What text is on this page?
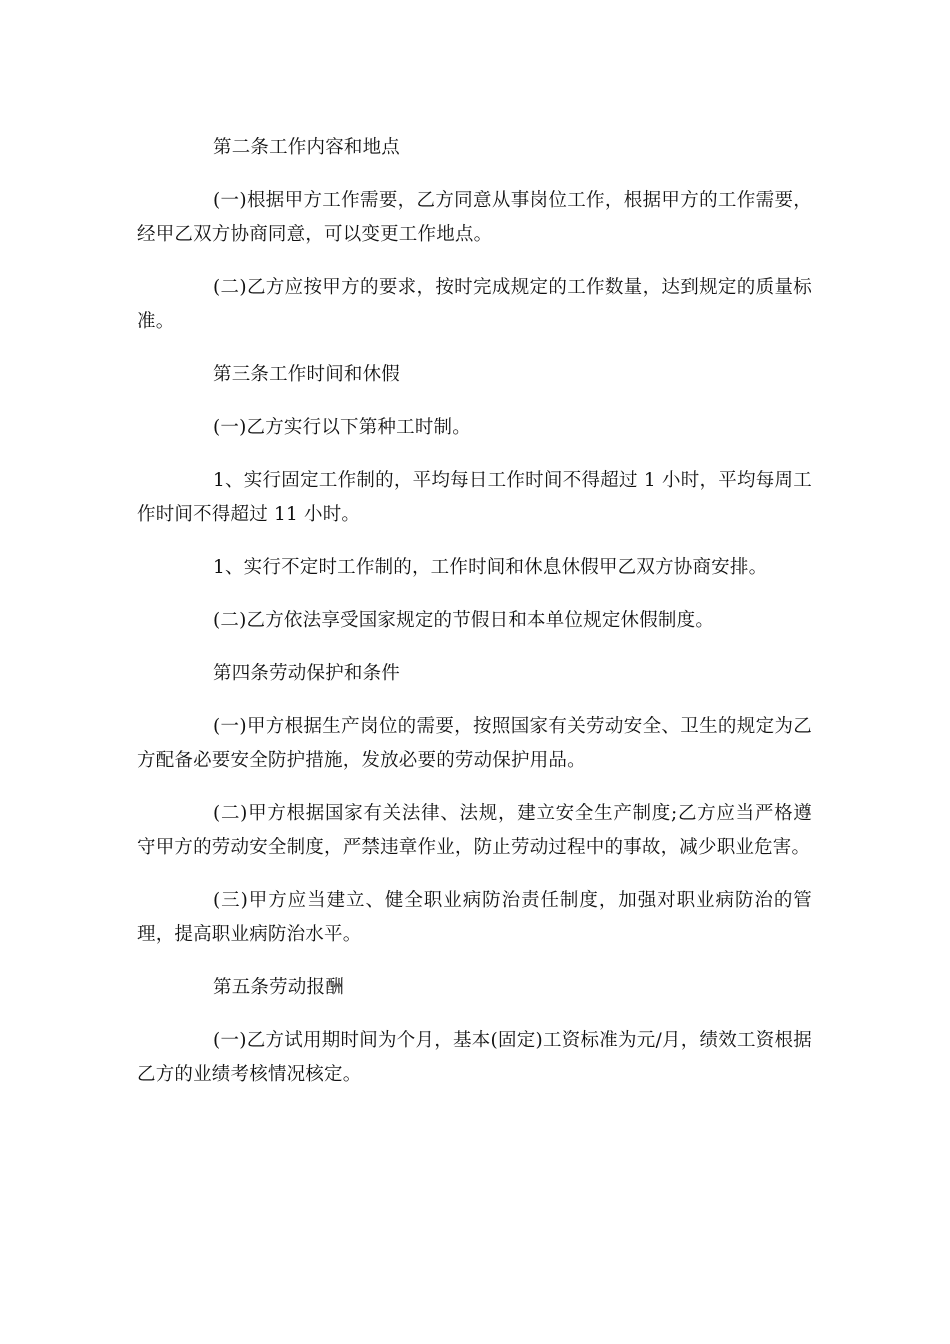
第二条工作内容和地点

(一)根据甲方工作需要，乙方同意从事岗位工作，根据甲方的工作需要，经甲乙双方协商同意，可以变更工作地点。

(二)乙方应按甲方的要求，按时完成规定的工作数量，达到规定的质量标准。

第三条工作时间和休假

(一)乙方实行以下第种工时制。

1、实行固定工作制的，平均每日工作时间不得超过 1 小时，平均每周工作时间不得超过 11 小时。

1、实行不定时工作制的，工作时间和休息休假甲乙双方协商安排。

(二)乙方依法享受国家规定的节假日和本单位规定休假制度。

第四条劳动保护和条件

(一)甲方根据生产岗位的需要，按照国家有关劳动安全、卫生的规定为乙方配备必要安全防护措施，发放必要的劳动保护用品。

(二)甲方根据国家有关法律、法规，建立安全生产制度;乙方应当严格遵守甲方的劳动安全制度，严禁违章作业，防止劳动过程中的事故，减少职业危害。

(三)甲方应当建立、健全职业病防治责任制度，加强对职业病防治的管理，提高职业病防治水平。

第五条劳动报酬

(一)乙方试用期时间为个月，基本(固定)工资标准为元/月，绩效工资根据乙方的业绩考核情况核定。
